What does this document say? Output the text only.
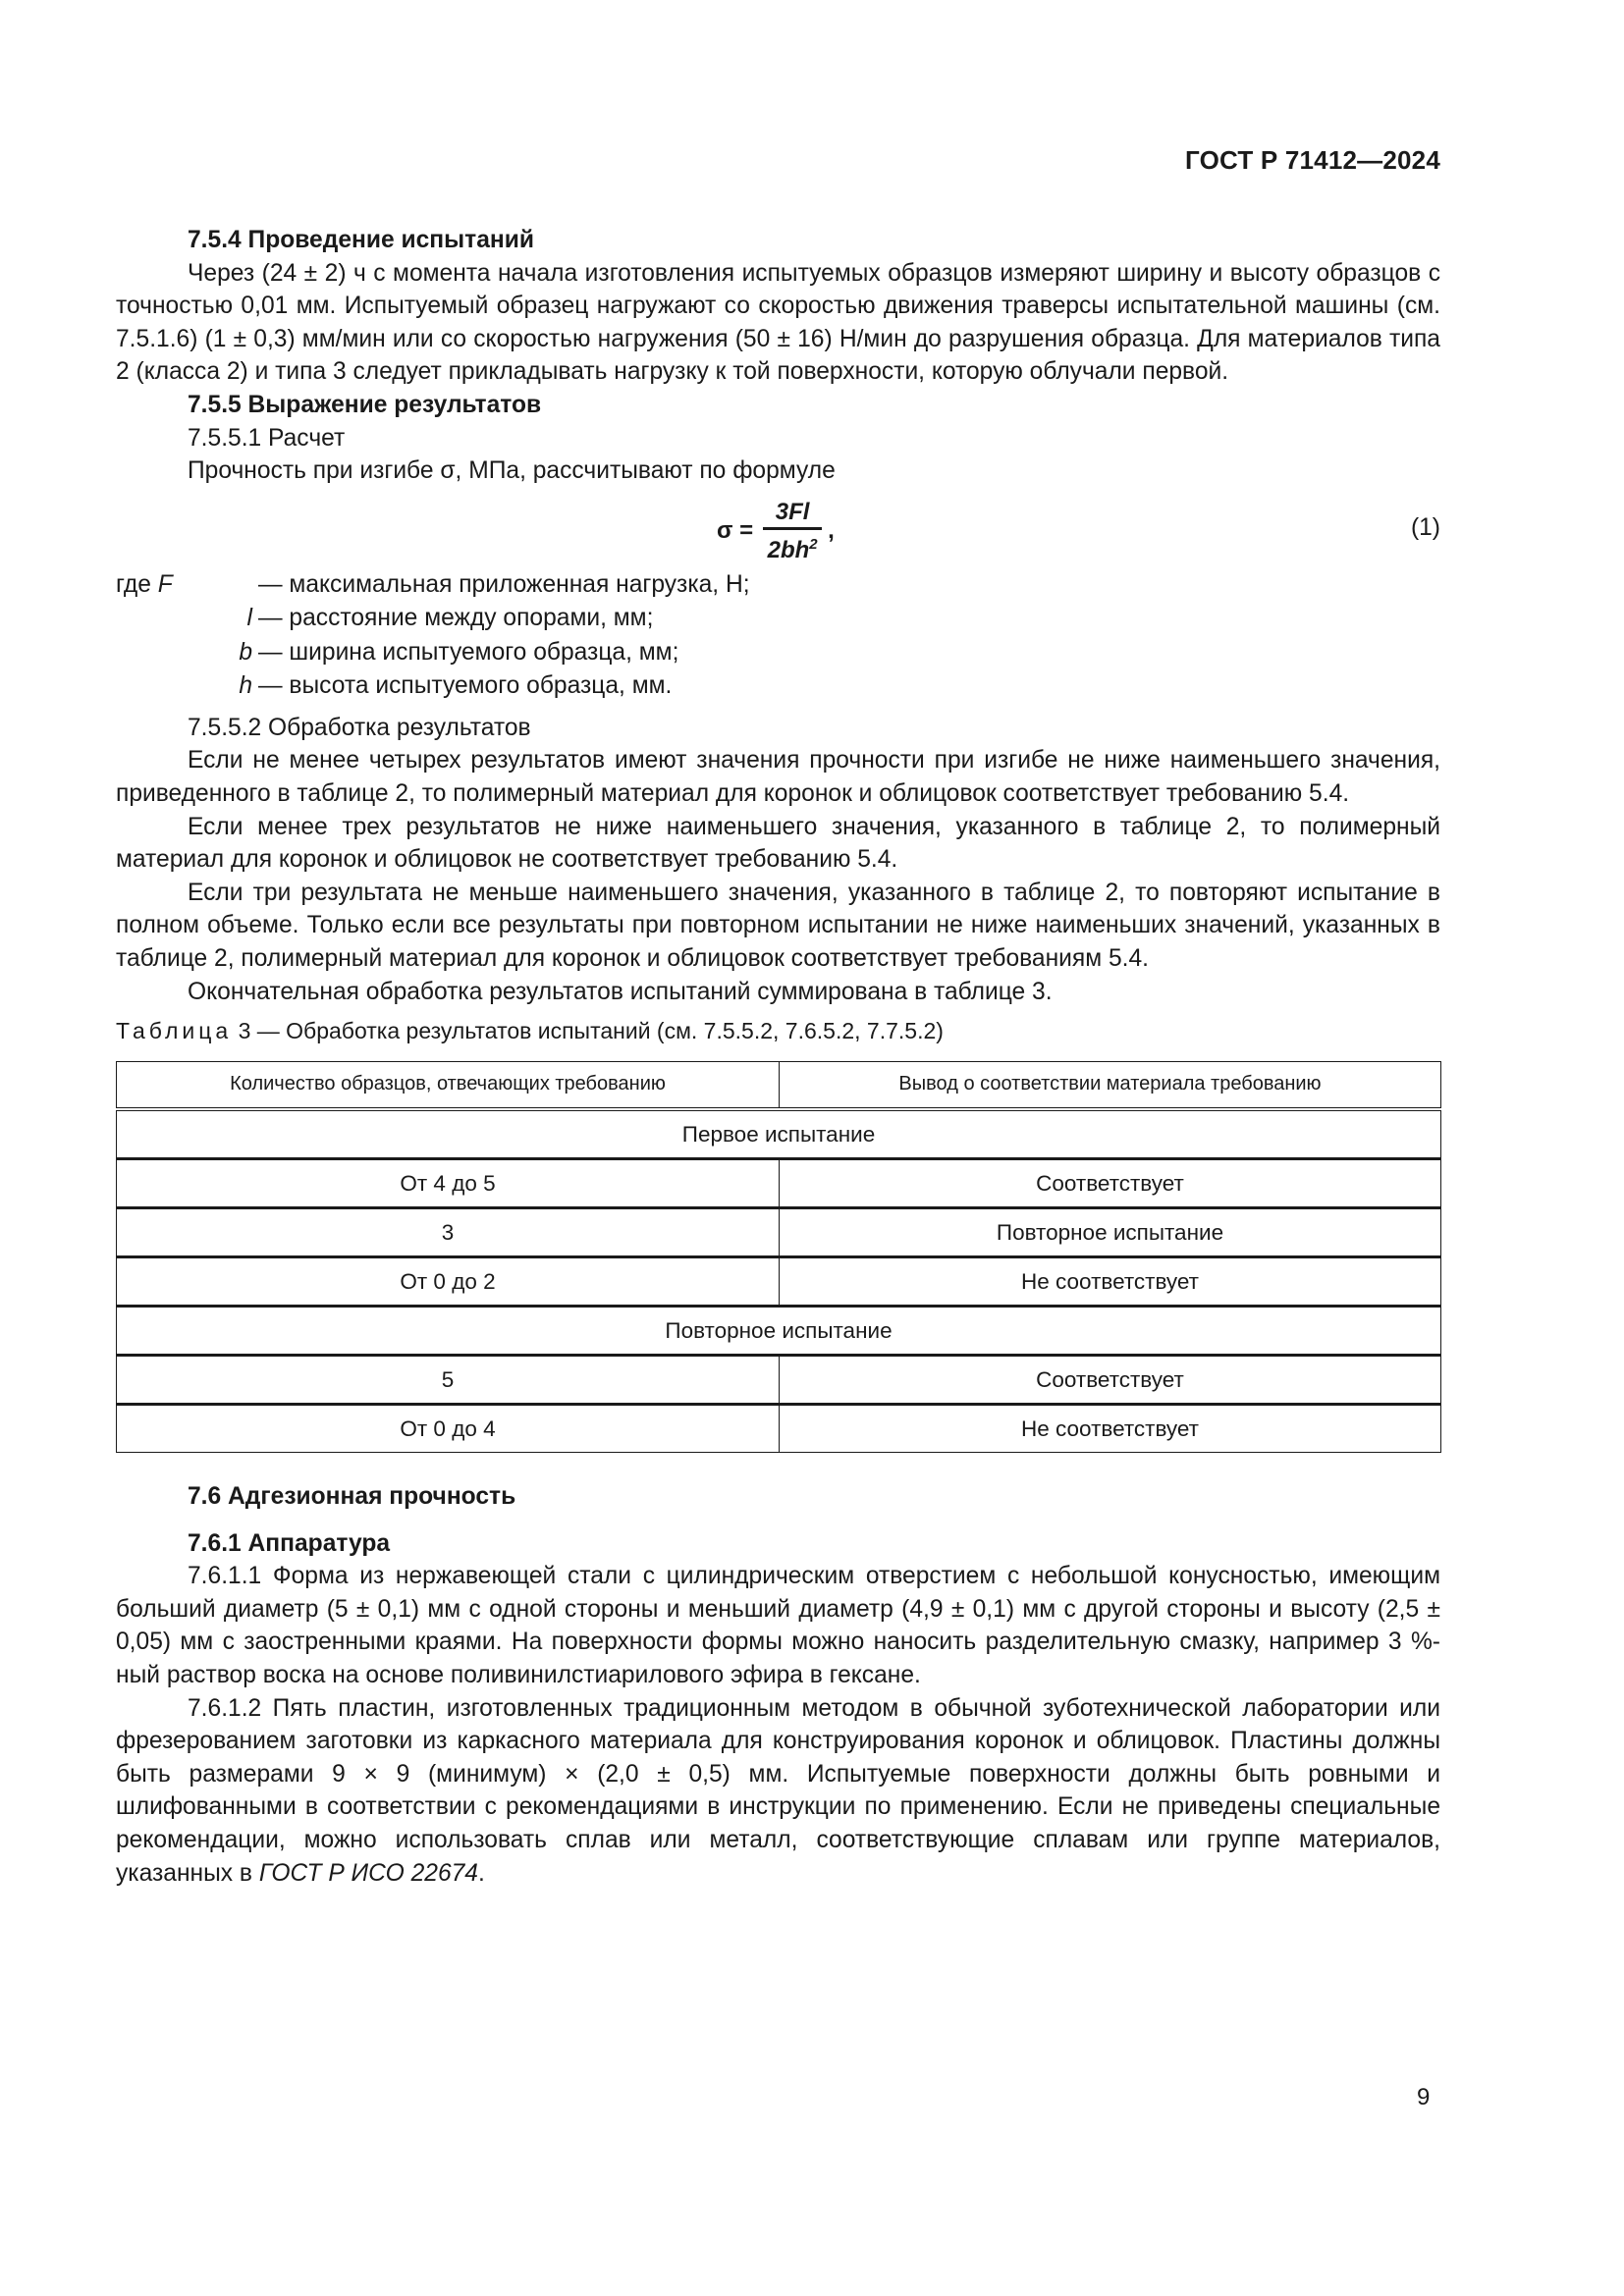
ГОСТ Р 71412—2024

7.5.4 Проведение испытаний

Через (24 ± 2) ч с момента начала изготовления испытуемых образцов измеряют ширину и высоту образцов с точностью 0,01 мм. Испытуемый образец нагружают со скоростью движения траверсы испытательной машины (см. 7.5.1.6) (1 ± 0,3) мм/мин или со скоростью нагружения (50 ± 16) Н/мин до разрушения образца. Для материалов типа 2 (класса 2) и типа 3 следует прикладывать нагрузку к той поверхности, которую облучали первой.

7.5.5 Выражение результатов

7.5.5.1 Расчет

Прочность при изгибе σ, МПа, рассчитывают по формуле

$\sigma = \frac{3Fl}{2bh^2}$ ,	(1)
где F	— максимальная приложенная нагрузка, Н;
l — расстояние между опорами, мм;
b — ширина испытуемого образца, мм;
h — высота испытуемого образца, мм.

7.5.5.2 Обработка результатов

Если не менее четырех результатов имеют значения прочности при изгибе не ниже наименьшего значения, приведенного в таблице 2, то полимерный материал для коронок и облицовок соответствует требованию 5.4.

Если менее трех результатов не ниже наименьшего значения, указанного в таблице 2, то полимерный материал для коронок и облицовок не соответствует требованию 5.4.

Если три результата не меньше наименьшего значения, указанного в таблице 2, то повторяют испытание в полном объеме. Только если все результаты при повторном испытании не ниже наименьших значений, указанных в таблице 2, полимерный материал для коронок и облицовок соответствует требованиям 5.4.

Окончательная обработка результатов испытаний суммирована в таблице 3.

Таблица 3 — Обработка результатов испытаний (см. 7.5.5.2, 7.6.5.2, 7.7.5.2)
Количество образцов, отвечающих требованию	Вывод о соответствии материала требованию
Первое испытание	
От 4 до 5	Соответствует
3	Повторное испытание
От 0 до 2	Не соответствует
Повторное испытание	
5	Соответствует
От 0 до 4	Не соответствует

7.6 Адгезионная прочность

7.6.1 Аппаратура

7.6.1.1 Форма из нержавеющей стали с цилиндрическим отверстием с небольшой конусностью, имеющим больший диаметр (5 ± 0,1) мм с одной стороны и меньший диаметр (4,9 ± 0,1) мм с другой стороны и высоту (2,5 ± 0,05) мм с заостренными краями. На поверхности формы можно наносить разделительную смазку, например 3 %-ный раствор воска на основе поливинилстиарилового эфира в гексане.

7.6.1.2 Пять пластин, изготовленных традиционным методом в обычной зуботехнической лаборатории или фрезерованием заготовки из каркасного материала для конструирования коронок и облицовок. Пластины должны быть размерами 9 × 9 (минимум) × (2,0 ± 0,5) мм. Испытуемые поверхности должны быть ровными и шлифованными в соответствии с рекомендациями в инструкции по применению. Если не приведены специальные рекомендации, можно использовать сплав или металл, соответствующие сплавам или группе материалов, указанных в ГОСТ Р ИСО 22674.

9
